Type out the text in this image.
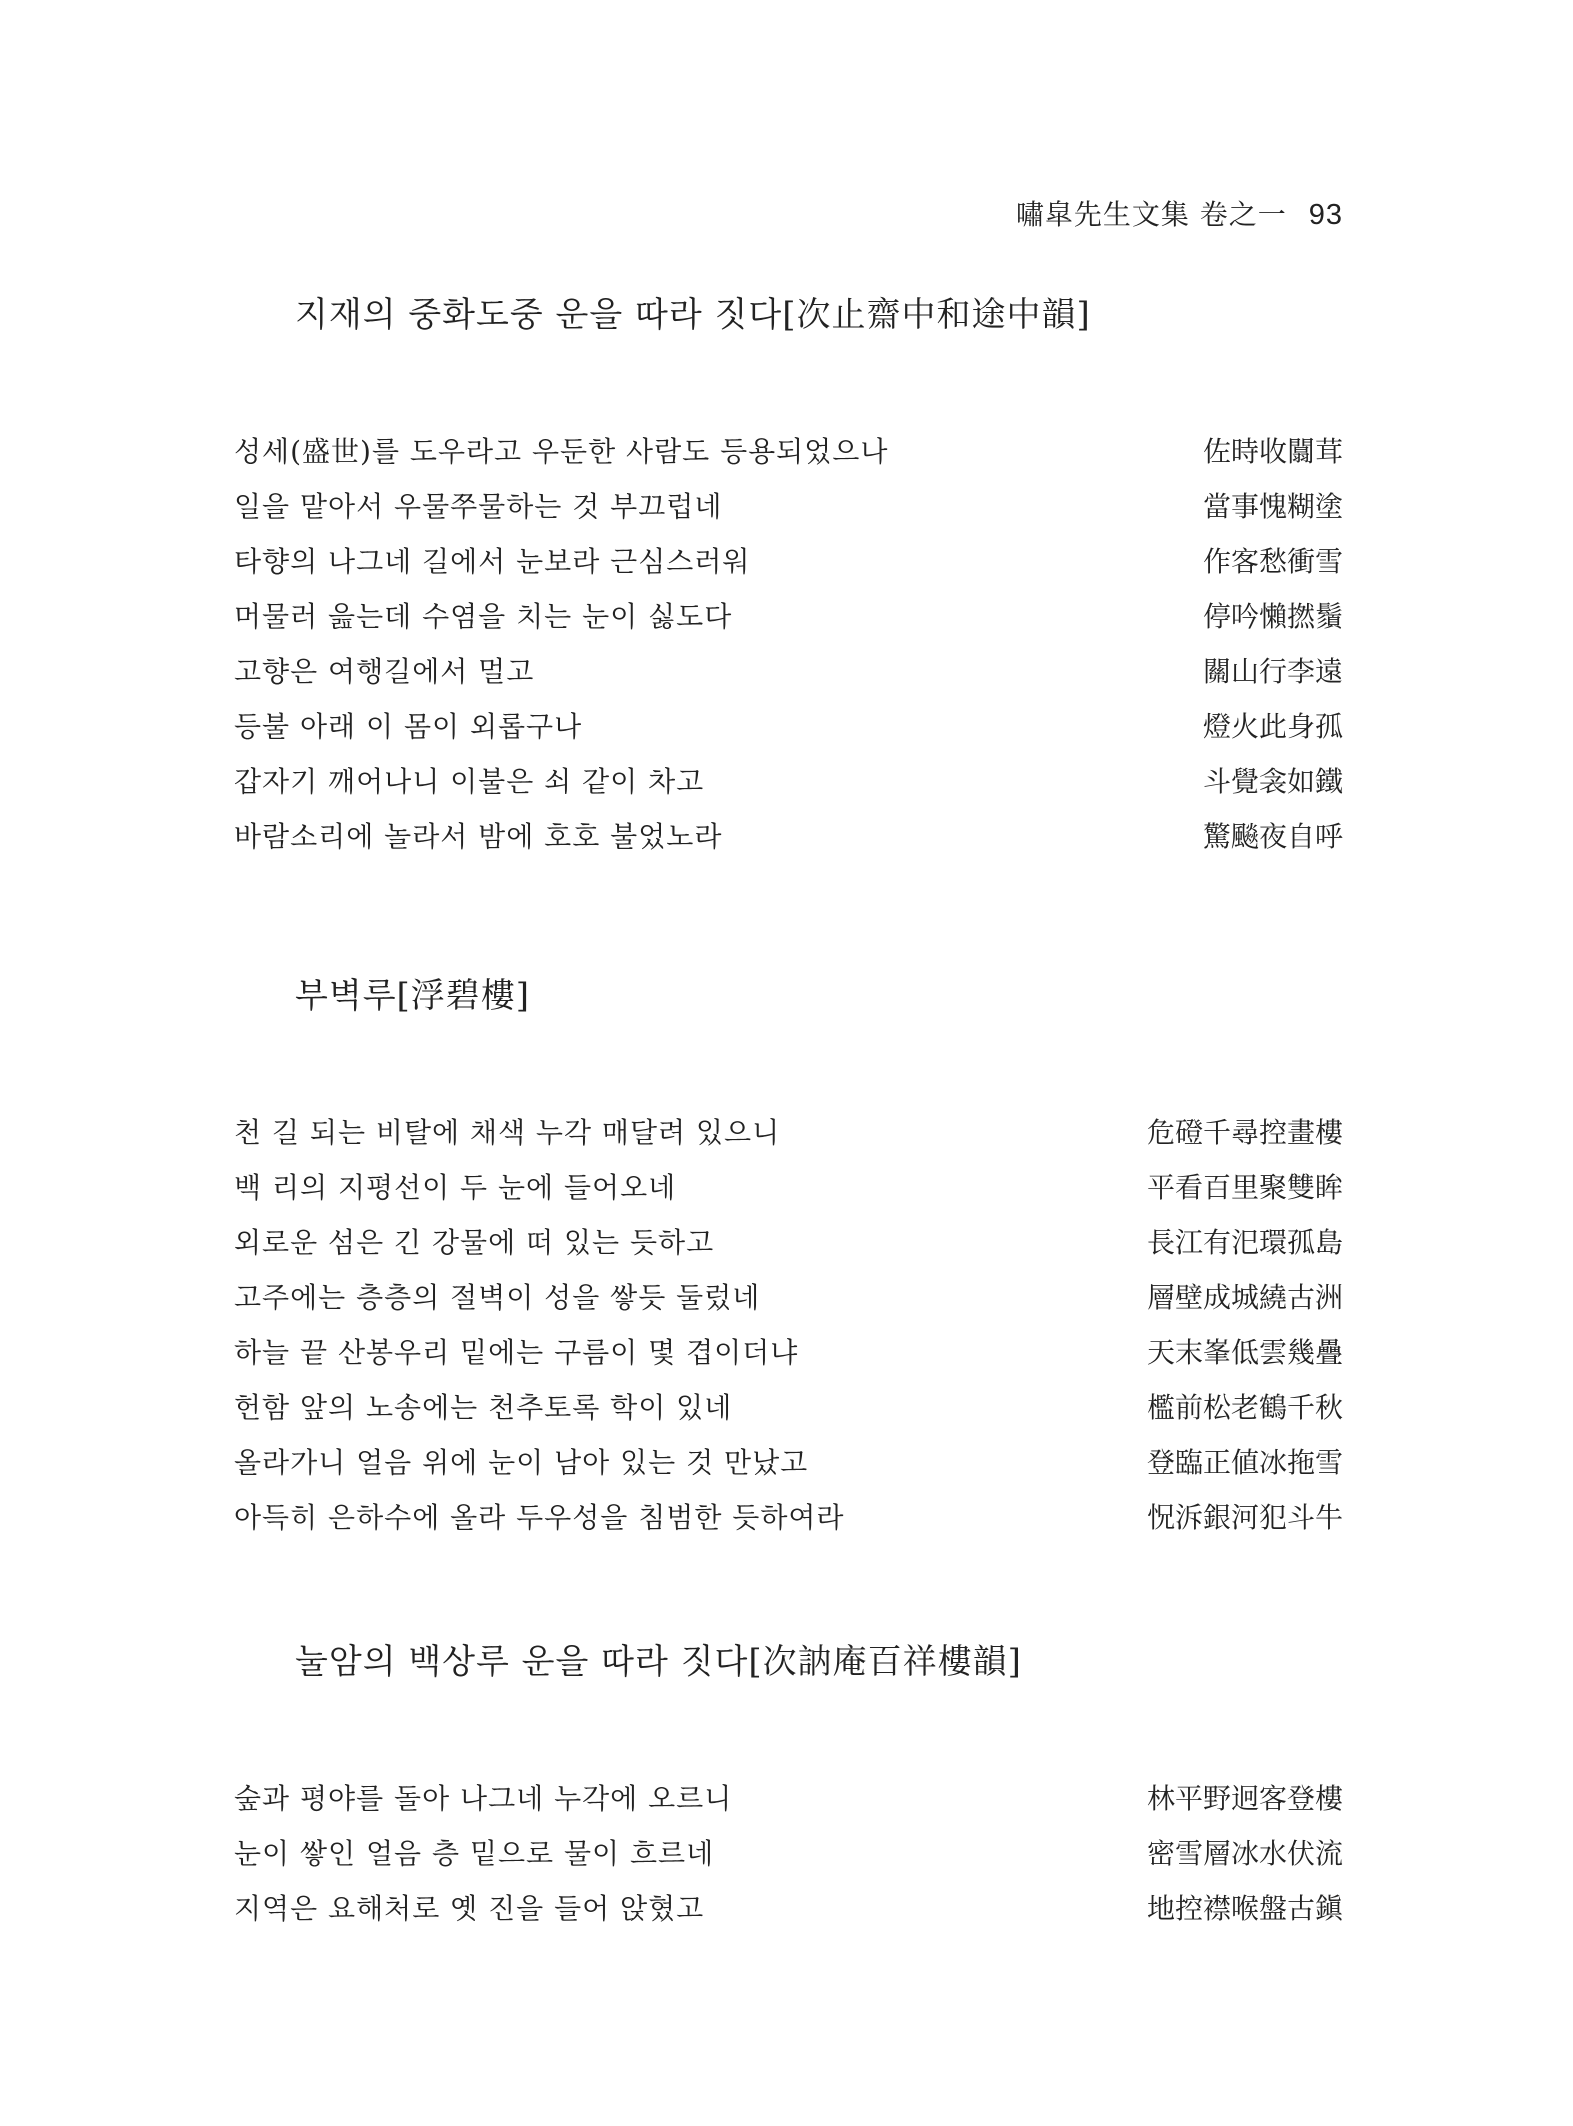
嘯皐先生文集 卷之一 93
지재의 중화도중 운을 따라 짓다[次止齋中和途中韻]
성세(盛世)를 도우라고 우둔한 사람도 등용되었으나	佐時收闒茸
일을 맡아서 우물쭈물하는 것 부끄럽네	當事愧糊塗
타향의 나그네 길에서 눈보라 근심스러워	作客愁衝雪
머물러 읊는데 수염을 치는 눈이 싫도다	停吟懶撚鬚
고향은 여행길에서 멀고	關山行李遠
등불 아래 이 몸이 외롭구나	燈火此身孤
갑자기 깨어나니 이불은 쇠 같이 차고	斗覺衾如鐵
바람소리에 놀라서 밤에 호호 불었노라	驚飈夜自呼
부벽루[浮碧樓]
천 길 되는 비탈에 채색 누각 매달려 있으니	危磴千尋控畫樓
백 리의 지평선이 두 눈에 들어오네	平看百里聚雙眸
외로운 섬은 긴 강물에 떠 있는 듯하고	長江有汜環孤島
고주에는 층층의 절벽이 성을 쌓듯 둘렀네	層壁成城繞古洲
하늘 끝 산봉우리 밑에는 구름이 몇 겹이더냐	天末峯低雲幾疊
헌함 앞의 노송에는 천추토록 학이 있네	檻前松老鶴千秋
올라가니 얼음 위에 눈이 남아 있는 것 만났고	登臨正値冰拖雪
아득히 은하수에 올라 두우성을 침범한 듯하여라	怳泝銀河犯斗牛
눌암의 백상루 운을 따라 짓다[次訥庵百祥樓韻]
숲과 평야를 돌아 나그네 누각에 오르니	林平野迥客登樓
눈이 쌓인 얼음 층 밑으로 물이 흐르네	密雪層冰水伏流
지역은 요해처로 옛 진을 들어 앉혔고	地控襟喉盤古鎭
